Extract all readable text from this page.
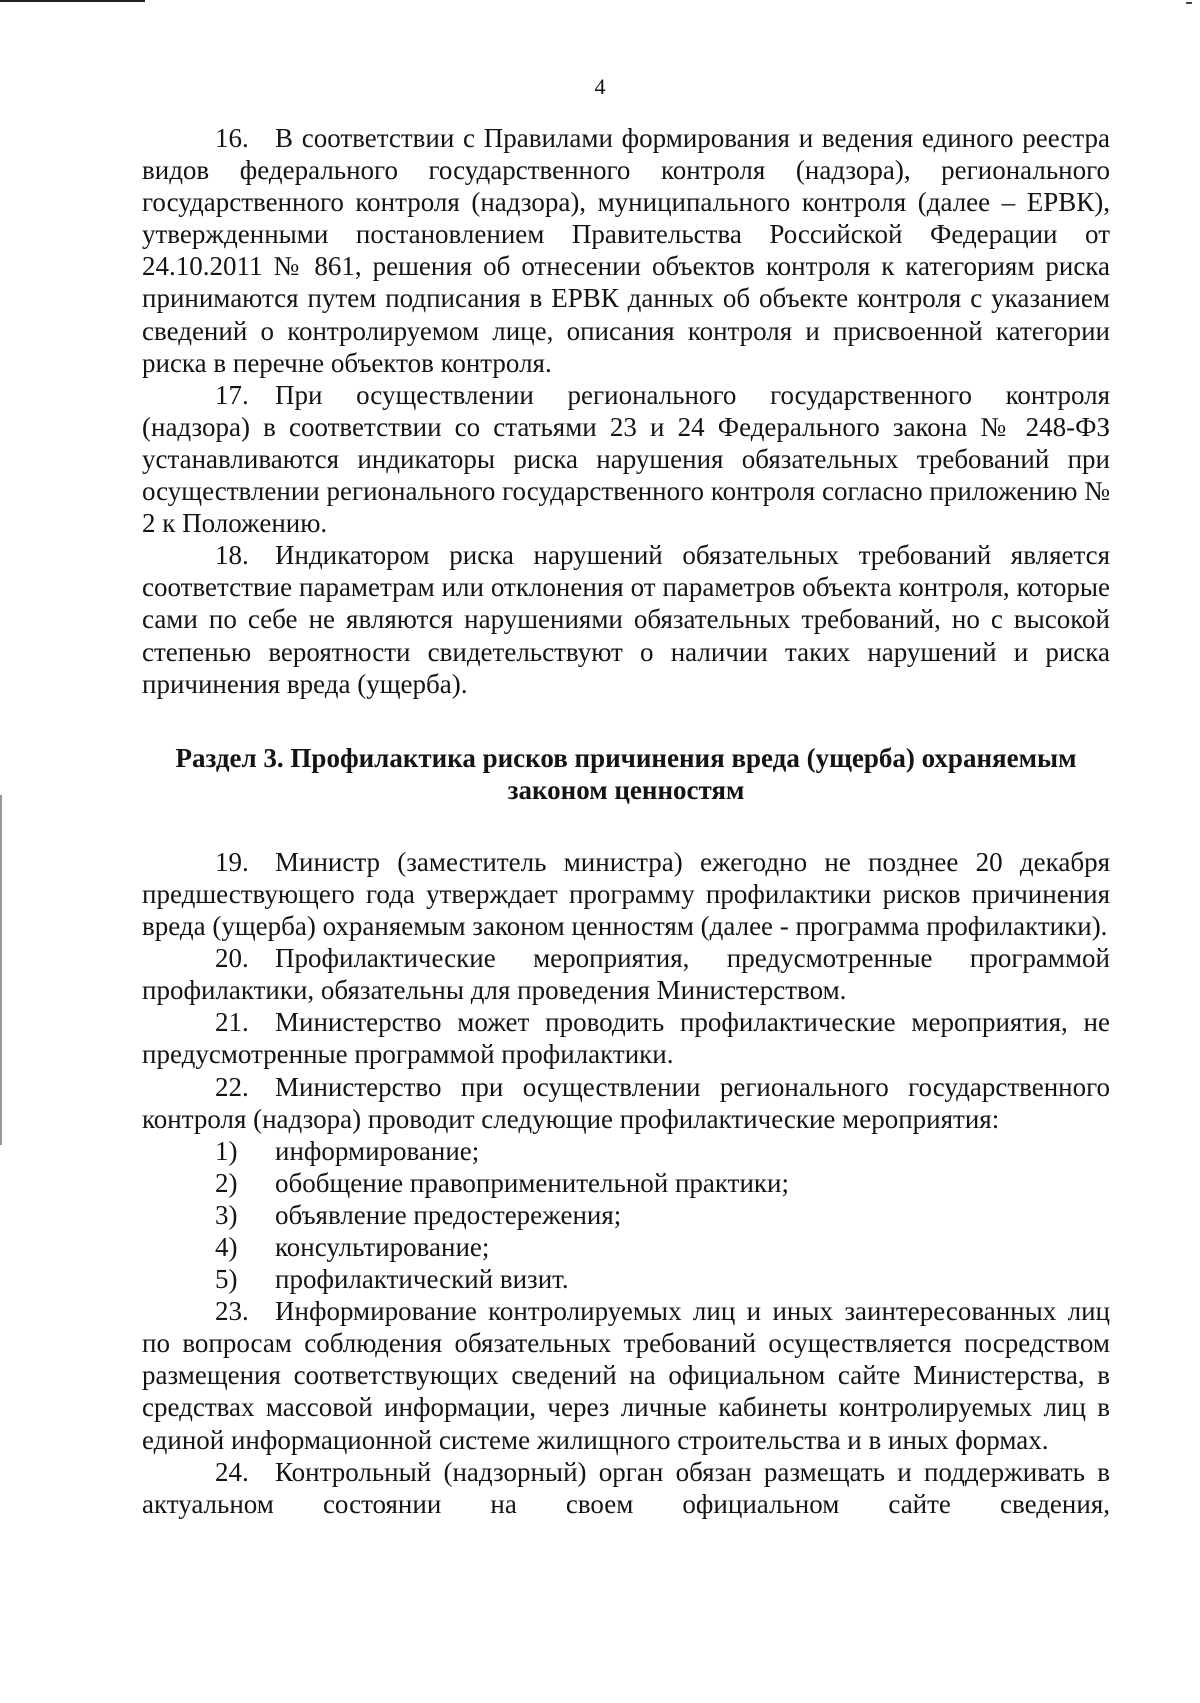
4

16. В соответствии с Правилами формирования и ведения единого реестра видов федерального государственного контроля (надзора), регионального государственного контроля (надзора), муниципального контроля (далее – ЕРВК), утвержденными постановлением Правительства Российской Федерации от 24.10.2011 № 861, решения об отнесении объектов контроля к категориям риска принимаются путем подписания в ЕРВК данных об объекте контроля с указанием сведений о контролируемом лице, описания контроля и присвоенной категории риска в перечне объектов контроля.

17. При осуществлении регионального государственного контроля (надзора) в соответствии со статьями 23 и 24 Федерального закона № 248-ФЗ устанавливаются индикаторы риска нарушения обязательных требований при осуществлении регионального государственного контроля согласно приложению № 2 к Положению.

18. Индикатором риска нарушений обязательных требований является соответствие параметрам или отклонения от параметров объекта контроля, которые сами по себе не являются нарушениями обязательных требований, но с высокой степенью вероятности свидетельствуют о наличии таких нарушений и риска причинения вреда (ущерба).

Раздел 3. Профилактика рисков причинения вреда (ущерба) охраняемым
законом ценностям

19. Министр (заместитель министра) ежегодно не позднее 20 декабря предшествующего года утверждает программу профилактики рисков причинения вреда (ущерба) охраняемым законом ценностям (далее - программа профилактики).

20. Профилактические мероприятия, предусмотренные программой профилактики, обязательны для проведения Министерством.

21. Министерство может проводить профилактические мероприятия, не предусмотренные программой профилактики.

22. Министерство при осуществлении регионального государственного контроля (надзора) проводит следующие профилактические мероприятия:

1) информирование;

2) обобщение правоприменительной практики;

3) объявление предостережения;

4) консультирование;

5) профилактический визит.

23. Информирование контролируемых лиц и иных заинтересованных лиц по вопросам соблюдения обязательных требований осуществляется посредством размещения соответствующих сведений на официальном сайте Министерства, в средствах массовой информации, через личные кабинеты контролируемых лиц в единой информационной системе жилищного строительства и в иных формах.

24. Контрольный (надзорный) орган обязан размещать и поддерживать в актуальном состоянии на своем официальном сайте сведения,
